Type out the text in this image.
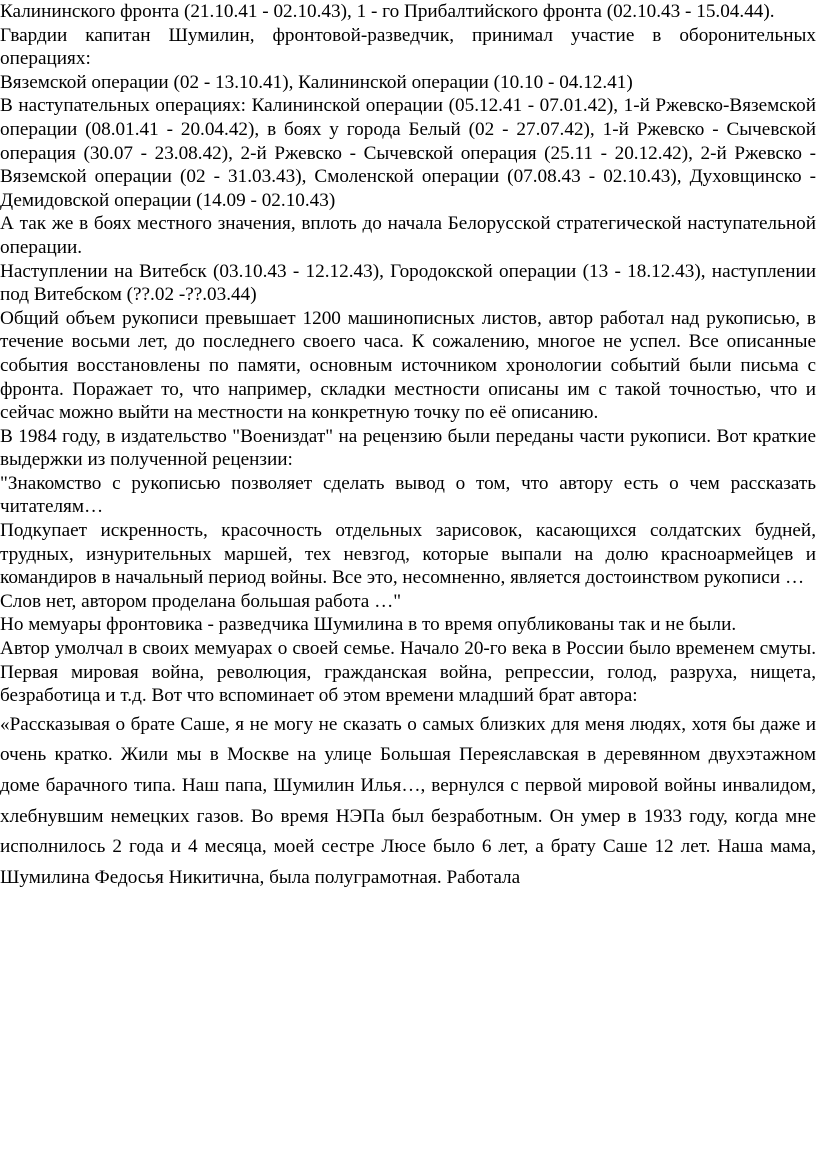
Калининского фронта (21.10.41 - 02.10.43), 1 - го Прибалтийского фронта (02.10.43 - 15.04.44).

Гвардии капитан Шумилин, фронтовой-разведчик, принимал участие в оборонительных операциях:

Вяземской операции (02 - 13.10.41), Калининской операции (10.10 - 04.12.41)

В наступательных операциях: Калининской операции (05.12.41 - 07.01.42), 1-й Ржевско-Вяземской операции (08.01.41 - 20.04.42), в боях у города Белый (02 - 27.07.42), 1-й Ржевско - Сычевской операция (30.07 - 23.08.42), 2-й Ржевско - Сычевской операция (25.11 - 20.12.42), 2-й Ржевско - Вяземской операции (02 - 31.03.43), Смоленской операции (07.08.43 - 02.10.43), Духовщинско - Демидовской операции (14.09 - 02.10.43)

А так же в боях местного значения, вплоть до начала Белорусской стратегической наступательной операции.

Наступлении на Витебск (03.10.43 - 12.12.43), Городокской операции (13 - 18.12.43), наступлении под Витебском (??.02 -??.03.44)

Общий объем рукописи превышает 1200 машинописных листов, автор работал над рукописью, в течение восьми лет, до последнего своего часа. К сожалению, многое не успел. Все описанные события восстановлены по памяти, основным источником хронологии событий были письма с фронта. Поражает то, что например, складки местности описаны им с такой точностью, что и сейчас можно выйти на местности на конкретную точку по её описанию.

В 1984 году, в издательство "Воениздат" на рецензию были переданы части рукописи. Вот краткие выдержки из полученной рецензии:

"Знакомство с рукописью позволяет сделать вывод о том, что автору есть о чем рассказать читателям…

Подкупает искренность, красочность отдельных зарисовок, касающихся солдатских будней, трудных, изнурительных маршей, тех невзгод, которые выпали на долю красноармейцев и командиров в начальный период войны. Все это, несомненно, является достоинством рукописи …

Слов нет, автором проделана большая работа …"

Но мемуары фронтовика - разведчика Шумилина в то время опубликованы так и не были.

Автор умолчал в своих мемуарах о своей семье. Начало 20-го века в России было временем смуты. Первая мировая война, революция, гражданская война, репрессии, голод, разруха, нищета, безработица и т.д. Вот что вспоминает об этом времени младший брат автора:

«Рассказывая о брате Саше, я не могу не сказать о самых близких для меня людях, хотя бы даже и очень кратко. Жили мы в Москве на улице Большая Переяславская в деревянном двухэтажном доме барачного типа. Наш папа, Шумилин Илья…, вернулся с первой мировой войны инвалидом, хлебнувшим немецких газов. Во время НЭПа был безработным. Он умер в 1933 году, когда мне исполнилось 2 года и 4 месяца, моей сестре Люсе было 6 лет, а брату Саше 12 лет. Наша мама, Шумилина Федосья Никитична, была полуграмотная. Работала
